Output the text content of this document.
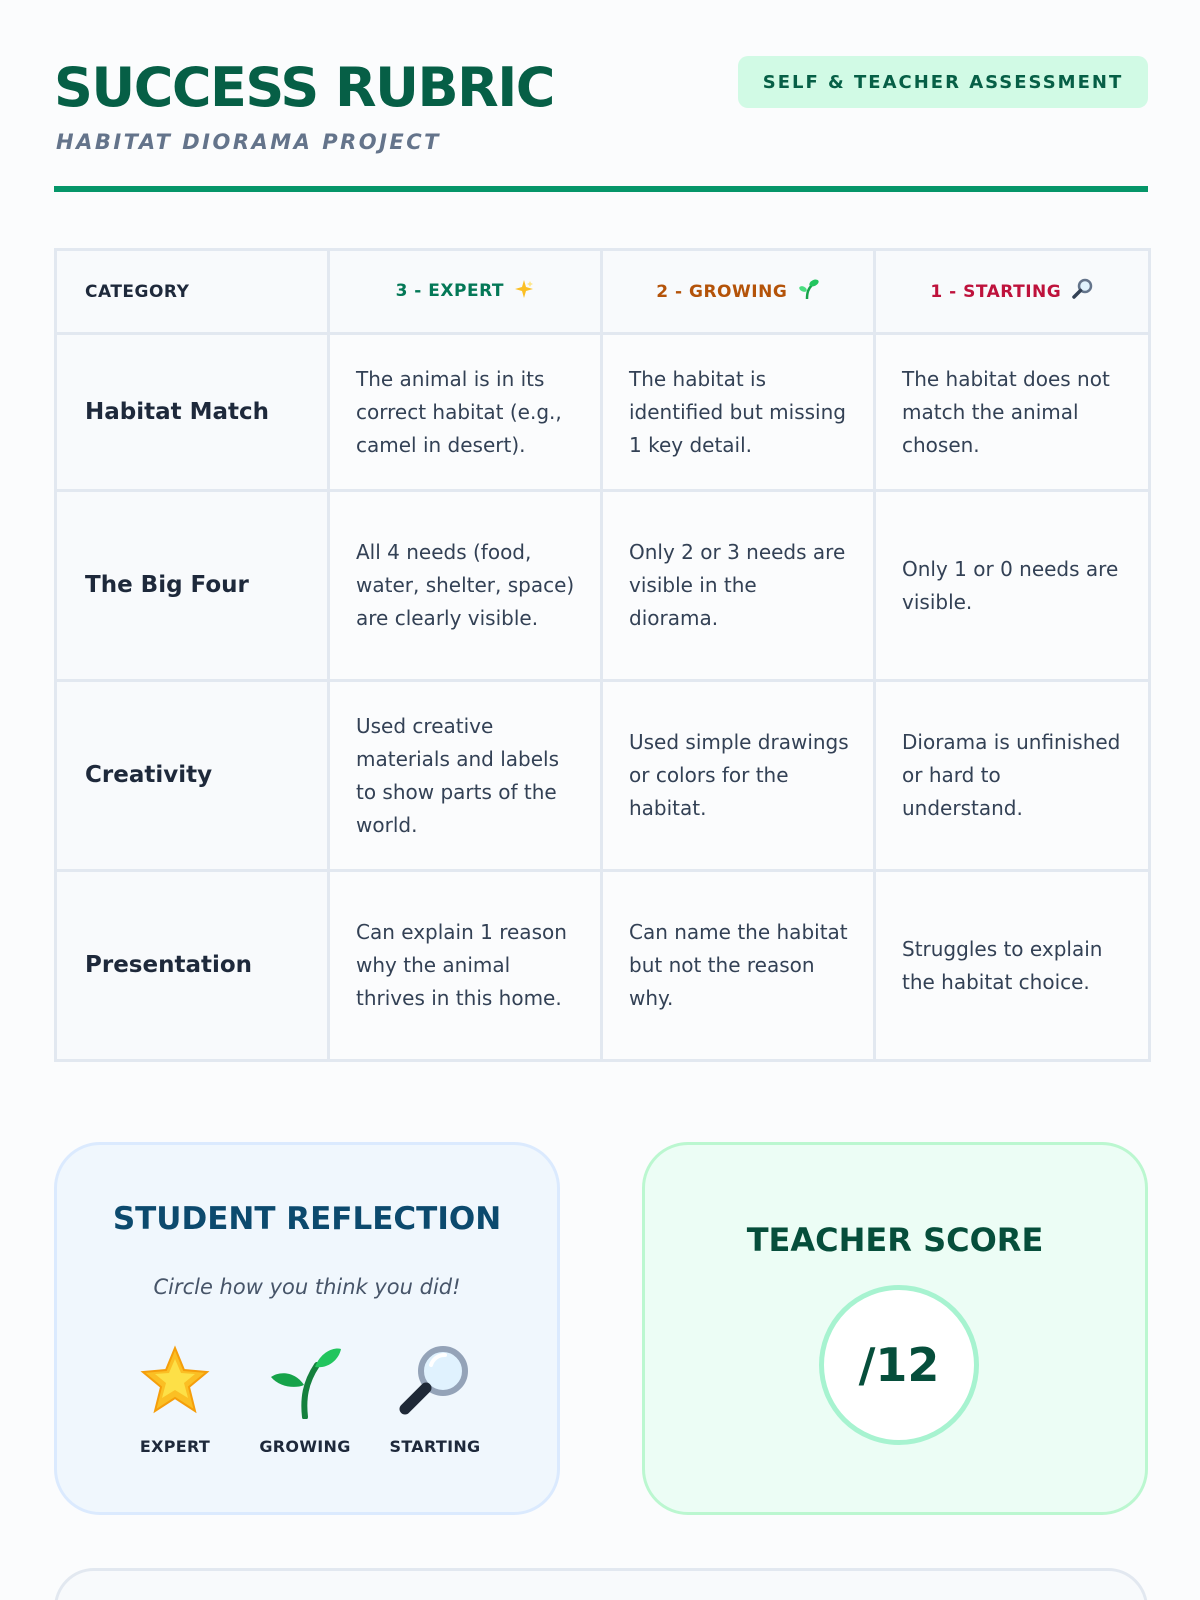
SUCCESS RUBRIC
HABITAT DIORAMA PROJECT
SELF & TEACHER ASSESSMENT
CATEGORY	3 - EXPERT	2 - GROWING	1 - STARTING
Habitat Match	The animal is in its correct habitat (e.g., camel in desert).	The habitat is identified but missing 1 key detail.	The habitat does not match the animal chosen.
The Big Four	All 4 needs (food, water, shelter, space) are clearly visible.	Only 2 or 3 needs are visible in the diorama.	Only 1 or 0 needs are visible.
Creativity	Used creative materials and labels to show parts of the world.	Used simple drawings or colors for the habitat.	Diorama is unfinished or hard to understand.
Presentation	Can explain 1 reason why the animal thrives in this home.	Can name the habitat but not the reason why.	Struggles to explain the habitat choice.
STUDENT REFLECTION
Circle how you think you did!
EXPERT	GROWING	STARTING
TEACHER SCORE
/12
